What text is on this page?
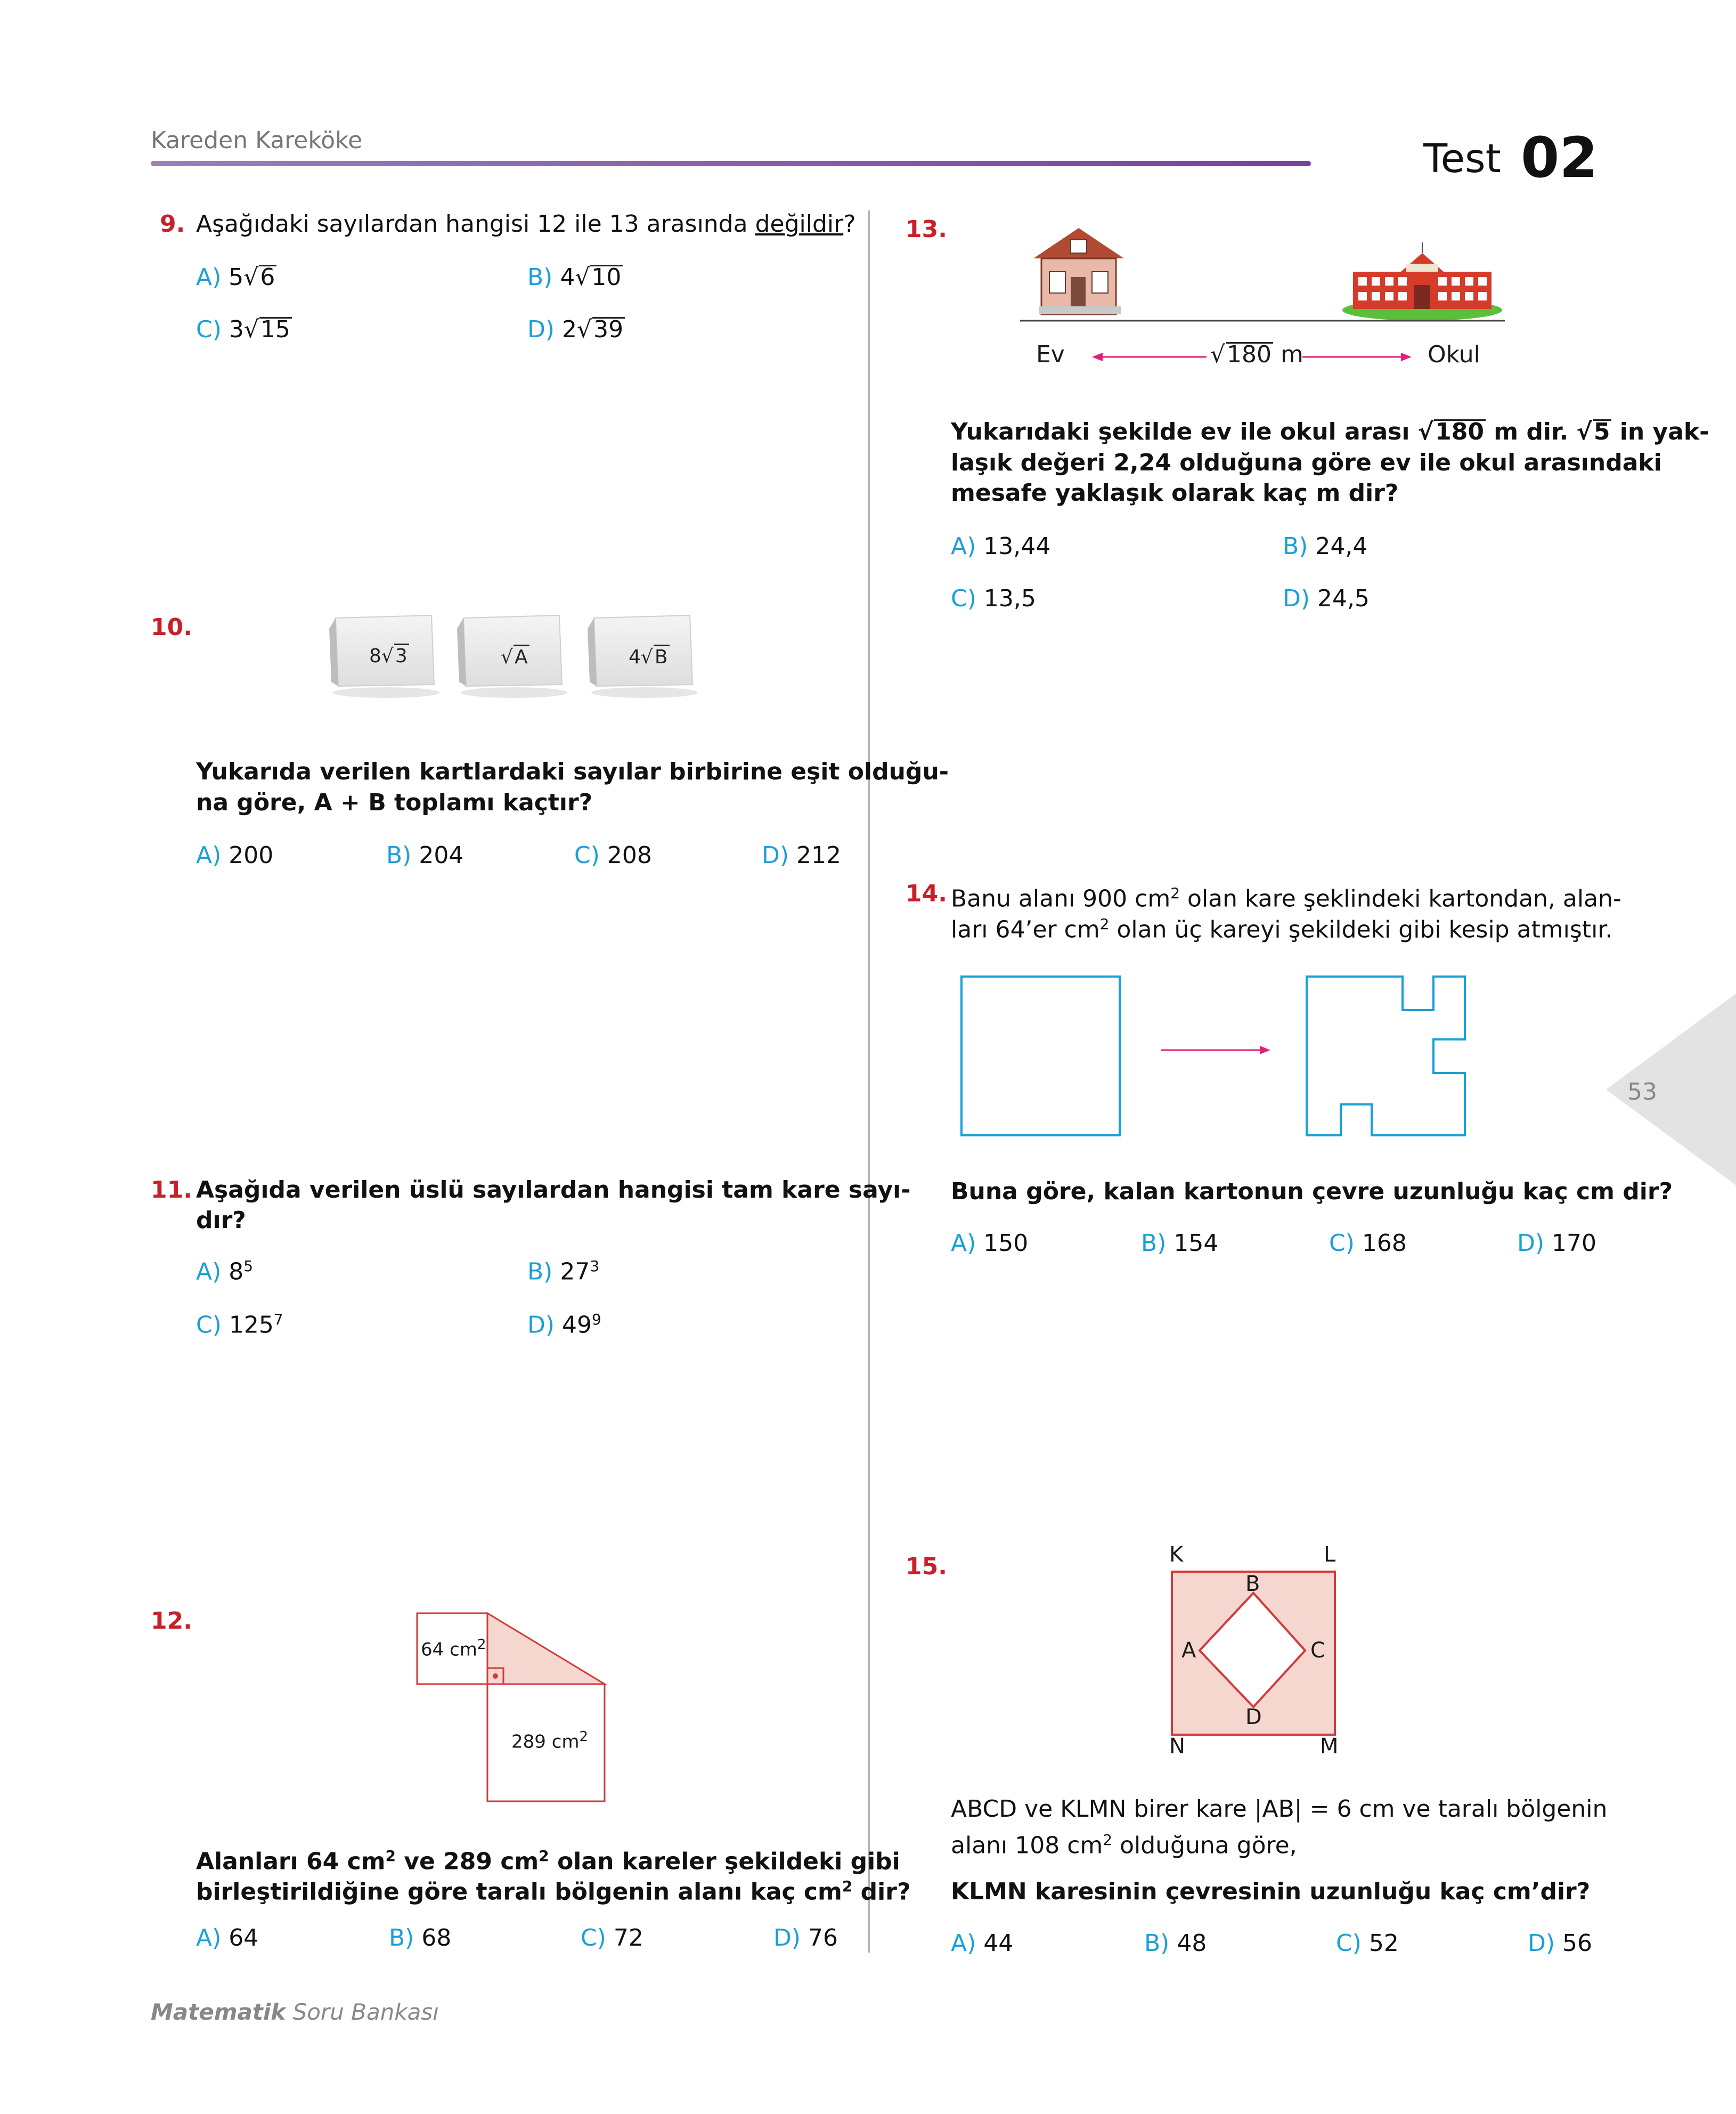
Kareden Kareköke	Test 02
9. Aşağıdaki sayılardan hangisi 12 ile 13 arasında değildir?
A) 5√6	B) 4√10
C) 3√15	D) 2√39
10.
8√3	√A	4√B
Yukarıda verilen kartlardaki sayılar birbirine eşit olduğu-
na göre, A + B toplamı kaçtır?
A) 200	B) 204	C) 208	D) 212
11. Aşağıda verilen üslü sayılardan hangisi tam kare sayı-
dır?
A) $8^5$	B) $27^3$
C) $125^7$	D) $49^9$
12.
64 $cm^2$
289 $cm^2$
Alanları 64 $cm^2$ ve 289 $cm^2$ olan kareler şekildeki gibi
birleştirildiğine göre taralı bölgenin alanı kaç $cm^2$ dir?
A) 64	B) 68	C) 72	D) 76
13.
Ev	Okul
√180 m
Yukarıdaki şekilde ev ile okul arası √180 m dir. √5 in yak-
laşık değeri 2,24 olduğuna göre ev ile okul arasındaki
mesafe yaklaşık olarak kaç m dir?
A) 13,44	B) 24,4
C) 13,5	D) 24,5
14. Banu alanı 900 $cm^2$ olan kare şeklindeki kartondan, alan-
ları 64’er $cm^2$ olan üç kareyi şekildeki gibi kesip atmıştır.
Buna göre, kalan kartonun çevre uzunluğu kaç cm dir?
A) 150	B) 154	C) 168	D) 170
15.	K	L
M
N
B
A	C
D
ABCD ve KLMN birer kare |AB| = 6 cm ve taralı bölgenin
alanı 108 $cm^2$ olduğuna göre,
KLMN karesinin çevresinin uzunluğu kaç cm’dir?
A) 44	B) 48	C) 52	D) 56
53
Matematik Soru Bankası
